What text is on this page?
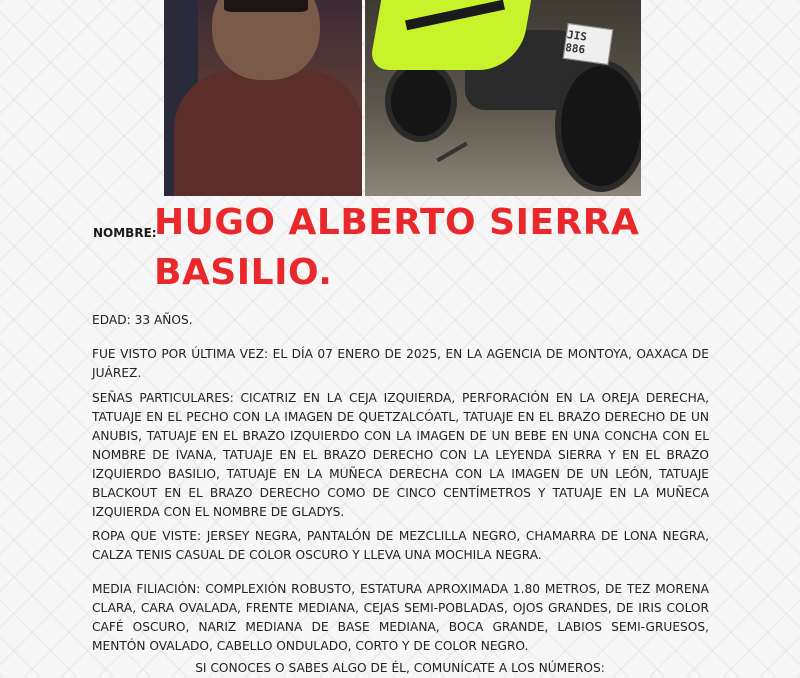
JIS 886

NOMBRE:

HUGO ALBERTO SIERRA
BASILIO.

EDAD: 33 AÑOS.

FUE VISTO POR ÚLTIMA VEZ: EL DÍA 07 ENERO DE 2025, EN LA AGENCIA DE MONTOYA, OAXACA DE JUÁREZ.

SEÑAS PARTICULARES: CICATRIZ EN LA CEJA IZQUIERDA, PERFORACIÓN EN LA OREJA DERECHA, TATUAJE EN EL PECHO CON LA IMAGEN DE QUETZALCÓATL, TATUAJE EN EL BRAZO DERECHO DE UN ANUBIS, TATUAJE EN EL BRAZO IZQUIERDO CON LA IMAGEN DE UN BEBE EN UNA CONCHA CON EL NOMBRE DE IVANA, TATUAJE EN EL BRAZO DERECHO CON LA LEYENDA SIERRA Y EN EL BRAZO IZQUIERDO BASILIO, TATUAJE EN LA MUÑECA DERECHA CON LA IMAGEN DE UN LEÓN, TATUAJE BLACKOUT EN EL BRAZO DERECHO COMO DE CINCO CENTÍMETROS Y TATUAJE EN LA MUÑECA IZQUIERDA CON EL NOMBRE DE GLADYS.

ROPA QUE VISTE: JERSEY NEGRA, PANTALÓN DE MEZCLILLA NEGRO, CHAMARRA DE LONA NEGRA, CALZA TENIS CASUAL DE COLOR OSCURO Y LLEVA UNA MOCHILA NEGRA.

MEDIA FILIACIÓN: COMPLEXIÓN ROBUSTO, ESTATURA APROXIMADA 1.80 METROS, DE TEZ MORENA CLARA, CARA OVALADA, FRENTE MEDIANA, CEJAS SEMI-POBLADAS, OJOS GRANDES, DE IRIS COLOR CAFÉ OSCURO, NARIZ MEDIANA DE BASE MEDIANA, BOCA GRANDE, LABIOS SEMI-GRUESOS, MENTÓN OVALADO, CABELLO ONDULADO, CORTO Y DE COLOR NEGRO.

SI CONOCES O SABES ALGO DE ÉL, COMUNÍCATE A LOS NÚMEROS:
